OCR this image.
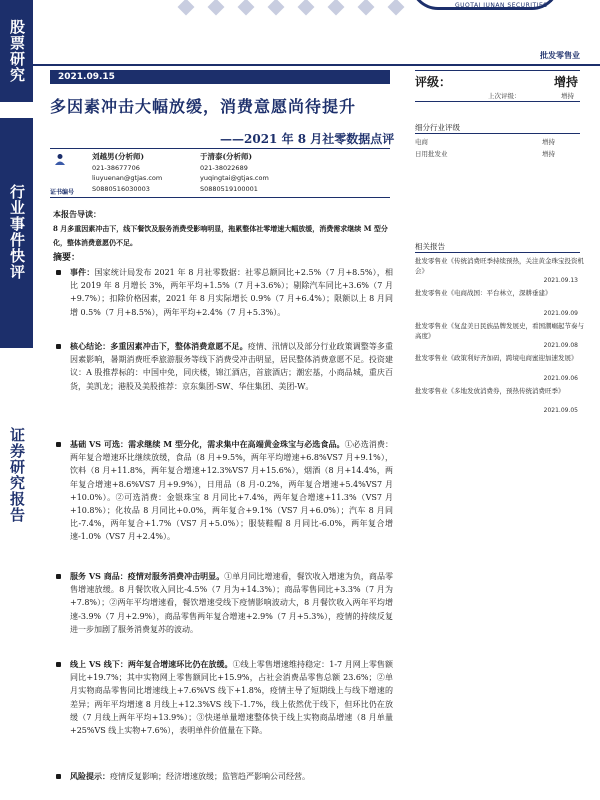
股票研究
行业事件快评
证券研究报告
GUOTAI JUNAN SECURITIES
批发零售业
2021.09.15
多因素冲击大幅放缓，消费意愿尚待提升
——2021 年 8 月社零数据点评
刘越男(分析师)
021-38677706
liuyuenan@gtjas.com
S0880516030003
于清泰(分析师)
021-38022689
yuqingtai@gtjas.com
S0880519100001
证书编号
评级：	增持
上次评级：	增持
细分行业评级
电商	增持
日用批发业	增持
相关报告
批发零售业《传统消费旺季持续预热，关注黄金珠宝投资机会》
2021.09.13
批发零售业《电商战国：平台林立，深耕垂建》
2021.09.09
批发零售业《复盘美日民族品牌发展史，看国潮崛起节奏与高度》
2021.09.08
批发零售业《政策利好齐加码，跨境电商蜜迎加速发展》
2021.09.06
批发零售业《多地发放消费券，预热传统消费旺季》
2021.09.05
本报告导读：
8 月多重因素冲击下，线下餐饮及服务消费受影响明显，拖累整体社零增速大幅放缓，消费需求继续 M 型分化，整体消费意愿仍不足。
摘要：
事件：国家统计局发布 2021 年 8 月社零数据：社零总额同比+2.5%（7 月+8.5%），相比 2019 年 8 月增长 3%，两年平均+1.5%（7 月+3.6%）；剔除汽车同比+3.6%（7 月+9.7%）；扣除价格因素，2021 年 8 月实际增长 0.9%（7 月+6.4%）；限额以上 8 月同增 0.5%（7 月+8.5%），两年平均+2.4%（7 月+5.3%）。
核心结论：多重因素冲击下，整体消费意愿不足。疫情、汛情以及部分行业政策调整等多重因素影响，暑期消费旺季旅游服务等线下消费受冲击明显，居民整体消费意愿不足。投资建议：A 股推荐标的：中国中免，同庆楼，锦江酒店，首旅酒店；潮宏基，小商品城，重庆百货，美凯龙；港股及美股推荐：京东集团-SW、华住集团、美团-W。
基础 VS 可选：需求继续 M 型分化，需求集中在高端黄金珠宝与必选食品。①必选消费：两年复合增速环比继续放缓，食品（8 月+9.5%，两年平均增速+6.8%VS7 月+9.1%），饮料（8 月+11.8%，两年复合增速+12.3%VS7 月+15.6%），烟酒（8 月+14.4%，两年复合增速+8.6%VS7 月+9.9%），日用品（8 月-0.2%，两年复合增速+5.4%VS7 月+10.0%）。②可选消费：金银珠宝 8 月同比+7.4%，两年复合增速+11.3%（VS7 月+10.8%）；化妆品 8 月同比+0.0%，两年复合+9.1%（VS7 月+6.0%）；汽车 8 月同比-7.4%，两年复合+1.7%（VS7 月+5.0%）；服装鞋帽 8 月同比-6.0%，两年复合增速-1.0%（VS7 月+2.4%）。
服务 VS 商品：疫情对服务消费冲击明显。①单月同比增速看，餐饮收入增速为负，商品零售增速放缓。8 月餐饮收入同比-4.5%（7 月为+14.3%）；商品零售同比+3.3%（7 月为+7.8%）；②两年平均增速看，餐饮增速受线下疫情影响波动大，8 月餐饮收入两年平均增速-3.9%（7 月+2.9%），商品零售两年复合增速+2.9%（7 月+5.3%），疫情的持续反复进一步加剧了服务消费复苏的波动。
线上 VS 线下：两年复合增速环比仍在放缓。①线上零售增速维持稳定：1-7 月网上零售额同比+19.7%；其中实物网上零售额同比+15.9%，占社会消费品零售总额 23.6%；②单月实物商品零售同比增速线上+7.6%VS 线下+1.8%，疫情主导了短期线上与线下增速的差异；两年平均增速 8 月线上+12.3%VS 线下-1.7%，线上依然优于线下，但环比仍在放缓（7 月线上两年平均+13.9%）；③快递单量增速整体快于线上实物商品增速（8 月单量+25%VS 线上实物+7.6%），表明单件价值量在下降。
风险提示：疫情反复影响；经济增速放缓；监管趋严影响公司经营。
